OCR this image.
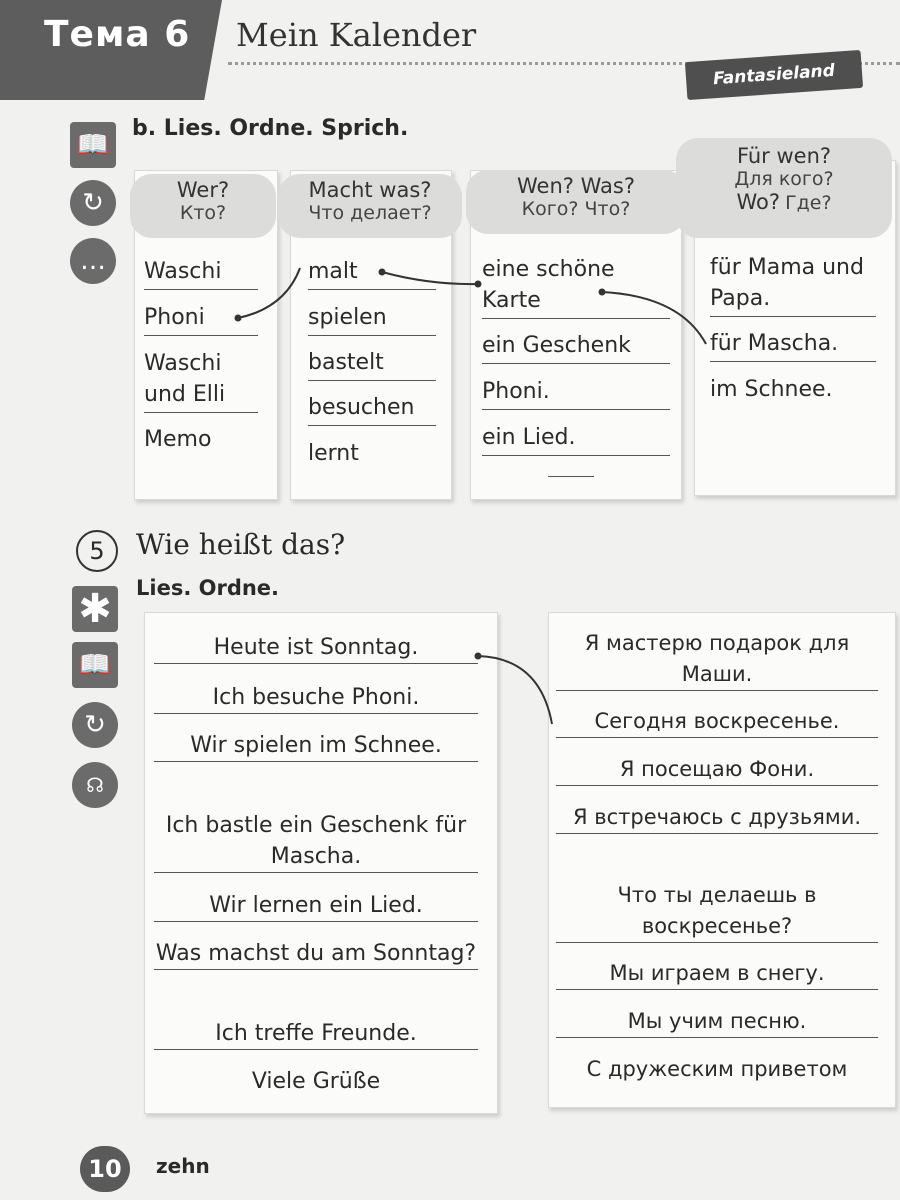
Тема 6 Mein Kalender
Fantasieland
📖
↻
…
b. Lies. Ordne. Sprich.
Wer?
Кто?
Waschi
Phoni
Waschi und Elli
Memo
Macht was?
Что делает?
malt
spielen
bastelt
besuchen
lernt
Wen? Was?
Кого? Что?
eine schöne Karte
ein Geschenk
Phoni.
ein Lied.
Für wen?
Для кого?
Wo? Где?
für Mama und Papa.
für Mascha.
im Schnee.
5	Wie heißt das?
Lies. Ordne.
✱
📖
↻
☊
Heute ist Sonntag.
Ich besuche Phoni.
Wir spielen im Schnee.
Ich bastle ein Geschenk für Mascha.
Wir lernen ein Lied.
Was machst du am Sonntag?
Ich treffe Freunde.
Viele Grüße
Я мастерю подарок для Маши.
Сегодня воскресенье.
Я посещаю Фони.
Я встречаюсь с друзьями.
Что ты делаешь в воскресенье?
Мы играем в снегу.
Мы учим песню.
С дружеским приветом
10	zehn
